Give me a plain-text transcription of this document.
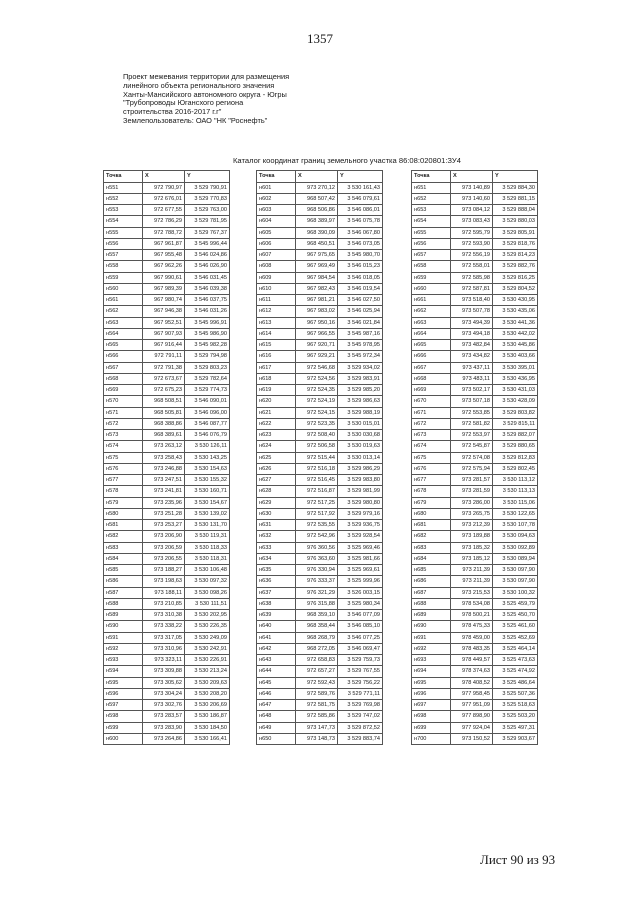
1357
Проект межевания территории для размещения
линейного объекта регионального значения
Ханты-Мансийского автономного округа - Югры
"Трубопроводы Югансхого региона
строительства 2016-2017 г.г"
Землепользователь: ОАО "НК "Роснефть"
Каталог координат границ земельного участка 86:08:020801:ЗУ4
Точка	X	Y
н551	972 790,97	3 529 790,91
н552	972 676,01	3 529 770,83
н553	972 677,55	3 529 763,00
н554	972 786,29	3 529 781,95
н555	972 788,72	3 529 767,37
н556	967 961,87	3 545 996,44
н557	967 955,48	3 546 024,86
н558	967 962,26	3 546 026,90
н559	967 990,61	3 546 031,45
н560	967 989,39	3 546 039,38
н561	967 980,74	3 546 037,75
н562	967 946,38	3 546 031,26
н563	967 952,51	3 545 996,91
н564	967 907,93	3 545 986,90
н565	967 916,44	3 545 982,28
н566	972 791,11	3 529 794,98
н567	972 791,38	3 529 803,23
н568	972 673,67	3 529 782,64
н569	972 675,23	3 529 774,73
н570	968 508,51	3 546 090,01
н571	968 505,81	3 546 096,00
н572	968 388,86	3 546 087,77
н573	968 389,61	3 546 076,79
н574	973 263,12	3 530 126,11
н575	973 258,43	3 530 143,25
н576	973 246,88	3 530 154,63
н577	973 247,51	3 530 155,32
н578	973 241,81	3 530 160,71
н579	973 235,96	3 530 154,67
н580	973 251,28	3 530 139,02
н581	973 253,27	3 530 131,70
н582	973 206,90	3 530 119,31
н583	973 206,59	3 530 118,33
н584	973 206,55	3 530 118,31
н585	973 188,27	3 530 106,48
н586	973 198,63	3 530 097,32
н587	973 188,11	3 530 098,26
н588	973 210,85	3 530 111,51
н589	973 310,38	3 530 202,95
н590	973 338,22	3 530 226,35
н591	973 317,05	3 530 249,09
н592	973 310,96	3 530 242,91
н593	973 323,11	3 530 226,91
н594	973 309,88	3 530 213,24
н595	973 305,62	3 530 209,63
н596	973 304,24	3 530 208,20
н597	973 302,76	3 530 206,69
н598	973 283,57	3 530 186,87
н599	973 283,90	3 530 184,50
н600	973 264,86	3 530 166,41
Точка	X	Y
н601	973 270,12	3 530 161,43
н602	968 507,42	3 546 079,61
н603	968 506,86	3 546 086,01
н604	968 389,97	3 546 075,78
н605	968 390,09	3 546 067,80
н606	968 450,51	3 546 073,05
н607	967 975,65	3 545 980,70
н608	967 969,49	3 546 015,23
н609	967 984,54	3 546 018,05
н610	967 982,43	3 546 019,54
н611	967 981,21	3 546 027,50
н612	967 983,02	3 546 025,94
н613	967 950,16	3 546 021,84
н614	967 966,55	3 545 987,16
н615	967 920,71	3 545 978,95
н616	967 929,21	3 545 972,34
н617	972 546,68	3 529 934,02
н618	972 524,56	3 529 983,91
н619	972 524,35	3 529 985,20
н620	972 524,19	3 529 986,63
н621	972 524,15	3 529 988,19
н622	972 523,35	3 530 015,01
н623	972 508,40	3 530 030,68
н624	972 506,58	3 530 019,63
н625	972 515,44	3 530 013,14
н626	972 516,18	3 529 986,29
н627	972 516,45	3 529 983,80
н628	972 516,87	3 529 981,99
н629	972 517,25	3 529 980,80
н630	972 517,92	3 529 979,16
н631	972 535,55	3 529 936,75
н632	972 542,96	3 529 928,54
н633	976 360,56	3 525 969,46
н634	976 363,60	3 525 981,66
н635	976 330,94	3 525 969,61
н636	976 333,37	3 525 999,96
н637	976 321,29	3 526 003,15
н638	976 315,88	3 525 980,34
н639	968 359,10	3 546 077,09
н640	968 358,44	3 546 085,10
н641	968 268,79	3 546 077,25
н642	968 272,05	3 546 069,47
н643	972 658,83	3 529 759,73
н644	972 657,27	3 529 767,55
н645	972 592,43	3 529 756,22
н646	972 589,76	3 529 771,11
н647	972 581,75	3 529 769,98
н648	972 585,86	3 529 747,02
н649	973 147,73	3 529 872,52
н650	973 148,73	3 529 883,74
Точка	X	Y
н651	973 140,89	3 529 884,30
н652	973 140,60	3 529 881,15
н653	973 084,12	3 529 888,04
н654	973 083,43	3 529 880,03
н655	972 595,79	3 529 805,91
н656	972 593,90	3 529 818,76
н657	972 556,19	3 529 814,23
н658	972 558,01	3 529 882,76
н659	972 585,98	3 529 816,25
н660	972 587,81	3 529 804,52
н661	973 518,40	3 530 430,95
н662	973 507,78	3 530 435,06
н663	973 494,39	3 530 441,36
н664	973 494,18	3 530 442,02
н665	973 482,84	3 530 445,86
н666	973 434,82	3 530 403,66
н667	973 437,11	3 530 395,01
н668	973 483,11	3 530 436,95
н669	973 502,17	3 530 431,03
н670	973 507,18	3 530 428,09
н671	972 553,85	3 529 803,82
н672	972 581,82	3 529 815,11
н673	972 553,97	3 529 882,07
н674	972 545,87	3 529 880,65
н675	972 574,08	3 529 812,83
н676	972 575,94	3 529 802,45
н677	973 281,57	3 530 113,12
н678	973 281,59	3 530 113,13
н679	973 286,00	3 530 115,06
н680	973 265,75	3 530 122,65
н681	973 212,39	3 530 107,78
н682	973 189,88	3 530 094,63
н683	973 185,32	3 530 092,89
н684	973 185,12	3 530 089,94
н685	973 211,39	3 530 097,90
н686	973 211,39	3 530 097,90
н687	973 215,53	3 530 100,32
н688	978 534,08	3 525 459,79
н689	978 500,21	3 525 450,70
н690	978 475,33	3 525 461,60
н691	978 459,00	3 525 452,69
н692	978 483,35	3 525 464,14
н693	978 449,57	3 525 473,63
н694	978 374,63	3 525 474,92
н695	978 408,52	3 525 486,64
н696	977 958,45	3 525 507,36
н697	977 951,09	3 525 518,63
н698	977 898,90	3 525 503,20
н699	977 924,04	3 525 497,31
н700	973 150,52	3 529 903,67
Лист 90 из 93
